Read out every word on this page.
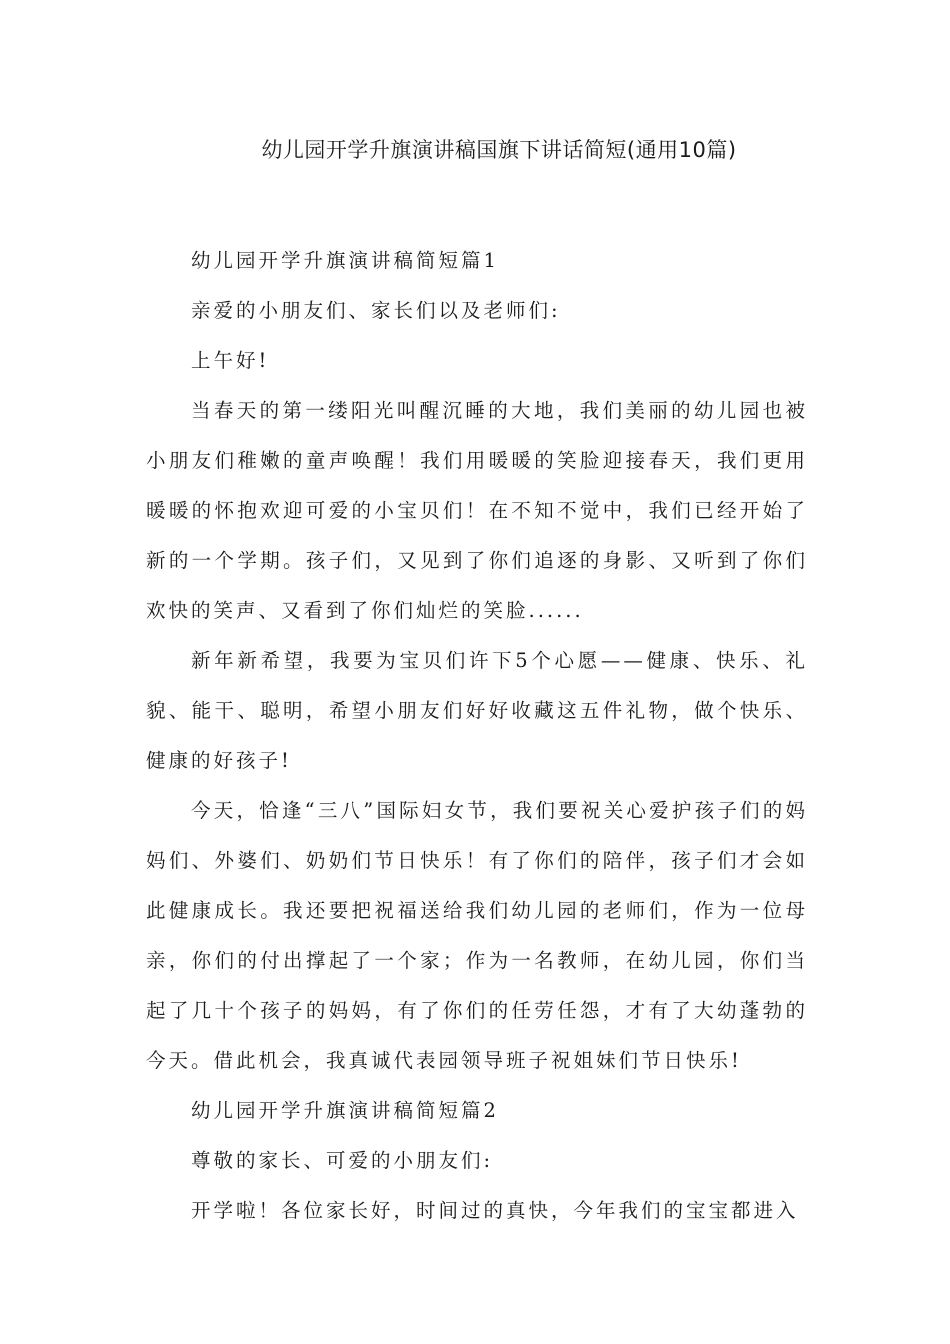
幼儿园开学升旗演讲稿国旗下讲话简短(通用10篇)

幼儿园开学升旗演讲稿简短篇1

亲爱的小朋友们、家长们以及老师们:

上午好!

当春天的第一缕阳光叫醒沉睡的大地，我们美丽的幼儿园也被小朋友们稚嫩的童声唤醒！我们用暖暖的笑脸迎接春天，我们更用暖暖的怀抱欢迎可爱的小宝贝们！在不知不觉中，我们已经开始了新的一个学期。孩子们，又见到了你们追逐的身影、又听到了你们欢快的笑声、又看到了你们灿烂的笑脸......

新年新希望，我要为宝贝们许下5个心愿——健康、快乐、礼貌、能干、聪明，希望小朋友们好好收藏这五件礼物，做个快乐、健康的好孩子!

今天，恰逢“三八”国际妇女节，我们要祝关心爱护孩子们的妈妈们、外婆们、奶奶们节日快乐！有了你们的陪伴，孩子们才会如此健康成长。我还要把祝福送给我们幼儿园的老师们，作为一位母亲，你们的付出撑起了一个家；作为一名教师，在幼儿园，你们当起了几十个孩子的妈妈，有了你们的任劳任怨，才有了大幼蓬勃的今天。借此机会，我真诚代表园领导班子祝姐妹们节日快乐!

幼儿园开学升旗演讲稿简短篇2

尊敬的家长、可爱的小朋友们:

开学啦！各位家长好，时间过的真快，今年我们的宝宝都进入
